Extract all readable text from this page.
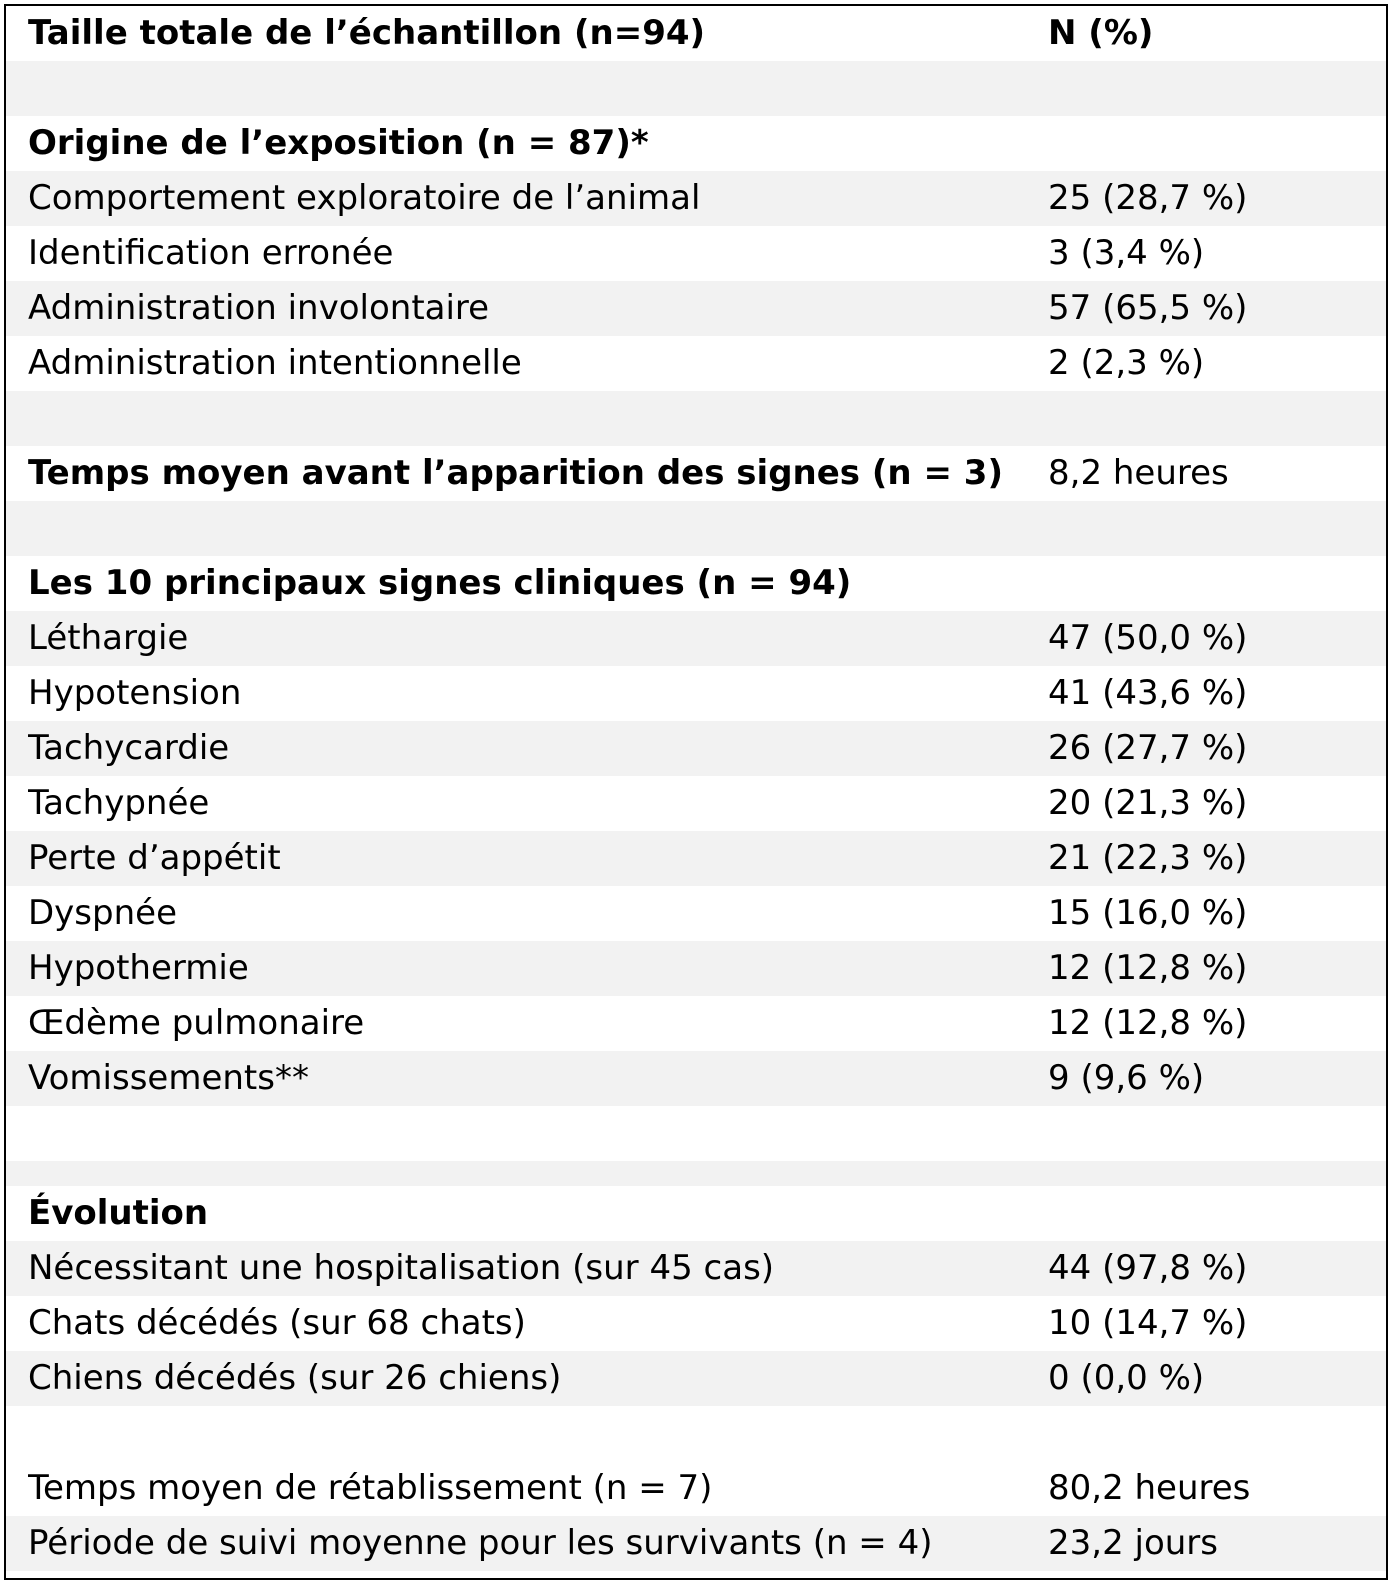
Taille totale de l’échantillon (n=94)	N (%)
Origine de l’exposition (n = 87)*
Comportement exploratoire de l’animal	25 (28,7 %)
Identification erronée	3 (3,4 %)
Administration involontaire	57 (65,5 %)
Administration intentionnelle	2 (2,3 %)
Temps moyen avant l’apparition des signes (n = 3)	8,2 heures
Les 10 principaux signes cliniques (n = 94)
Léthargie	47 (50,0 %)
Hypotension	41 (43,6 %)
Tachycardie	26 (27,7 %)
Tachypnée	20 (21,3 %)
Perte d’appétit	21 (22,3 %)
Dyspnée	15 (16,0 %)
Hypothermie	12 (12,8 %)
Œdème pulmonaire	12 (12,8 %)
Vomissements**	9 (9,6 %)
Évolution
Nécessitant une hospitalisation (sur 45 cas)	44 (97,8 %)
Chats décédés (sur 68 chats)	10 (14,7 %)
Chiens décédés (sur 26 chiens)	0 (0,0 %)
Temps moyen de rétablissement (n = 7)	80,2 heures
Période de suivi moyenne pour les survivants (n = 4)	23,2 jours
